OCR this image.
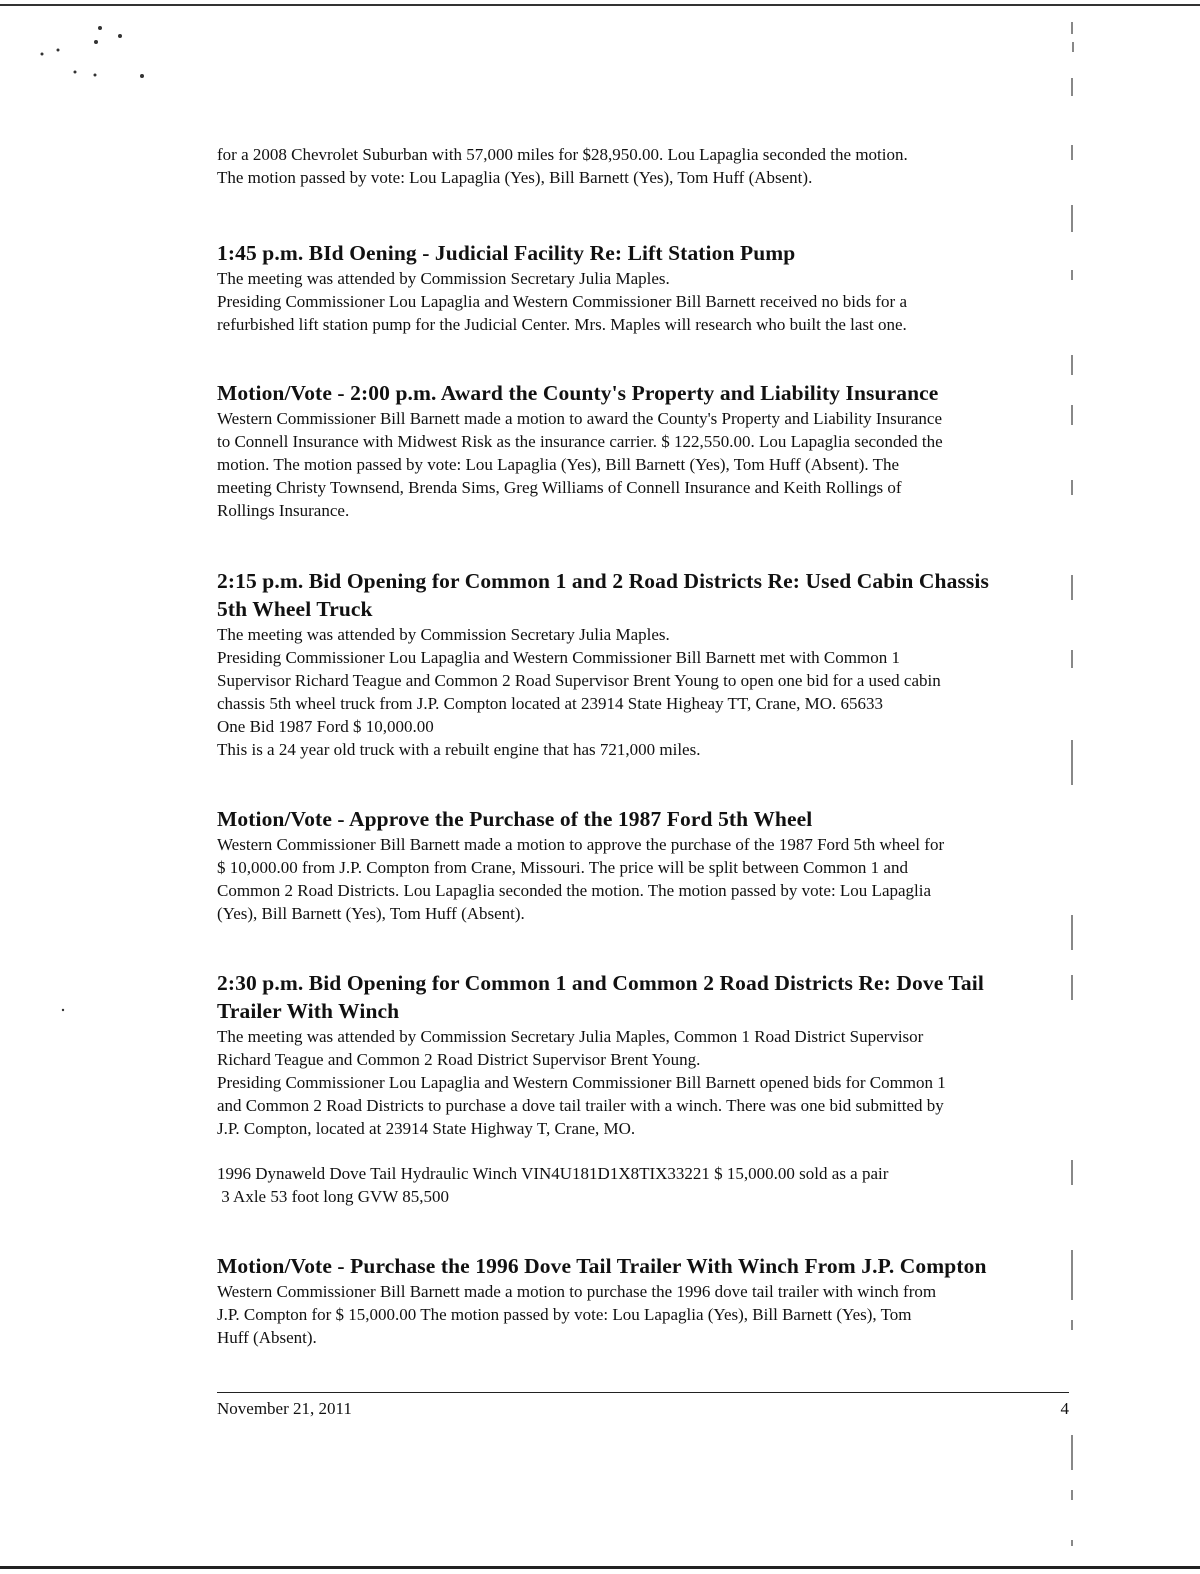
for a 2008 Chevrolet Suburban with 57,000 miles for $28,950.00. Lou Lapaglia seconded the motion.

The motion passed by vote: Lou Lapaglia (Yes), Bill Barnett (Yes), Tom Huff (Absent).

1:45 p.m. BId Oening - Judicial Facility Re: Lift Station Pump

The meeting was attended by Commission Secretary Julia Maples.

Presiding Commissioner Lou Lapaglia and Western Commissioner Bill Barnett received no bids for a

refurbished lift station pump for the Judicial Center. Mrs. Maples will research who built the last one.

Motion/Vote - 2:00 p.m. Award the County's Property and Liability Insurance

Western Commissioner Bill Barnett made a motion to award the County's Property and Liability Insurance

to Connell Insurance with Midwest Risk as the insurance carrier. $ 122,550.00. Lou Lapaglia seconded the

motion. The motion passed by vote: Lou Lapaglia (Yes), Bill Barnett (Yes), Tom Huff (Absent). The

meeting Christy Townsend, Brenda Sims, Greg Williams of Connell Insurance and Keith Rollings of

Rollings Insurance.

2:15 p.m. Bid Opening for Common 1 and 2 Road Districts Re: Used Cabin Chassis
5th Wheel Truck

The meeting was attended by Commission Secretary Julia Maples.

Presiding Commissioner Lou Lapaglia and Western Commissioner Bill Barnett met with Common 1

Supervisor Richard Teague and Common 2 Road Supervisor Brent Young to open one bid for a used cabin

chassis 5th wheel truck from J.P. Compton located at 23914 State Higheay TT, Crane, MO. 65633

One Bid 1987 Ford $ 10,000.00

This is a 24 year old truck with a rebuilt engine that has 721,000 miles.

Motion/Vote - Approve the Purchase of the 1987 Ford 5th Wheel

Western Commissioner Bill Barnett made a motion to approve the purchase of the 1987 Ford 5th wheel for

$ 10,000.00 from J.P. Compton from Crane, Missouri. The price will be split between Common 1 and

Common 2 Road Districts. Lou Lapaglia seconded the motion. The motion passed by vote: Lou Lapaglia

(Yes), Bill Barnett (Yes), Tom Huff (Absent).

2:30 p.m. Bid Opening for Common 1 and Common 2 Road Districts Re: Dove Tail
Trailer With Winch

The meeting was attended by Commission Secretary Julia Maples, Common 1 Road District Supervisor

Richard Teague and Common 2 Road District Supervisor Brent Young.

Presiding Commissioner Lou Lapaglia and Western Commissioner Bill Barnett opened bids for Common 1

and Common 2 Road Districts to purchase a dove tail trailer with a winch. There was one bid submitted by

J.P. Compton, located at 23914 State Highway T, Crane, MO.

1996 Dynaweld Dove Tail Hydraulic Winch VIN4U181D1X8TIX33221 $ 15,000.00 sold as a pair

3 Axle 53 foot long GVW 85,500

Motion/Vote - Purchase the 1996 Dove Tail Trailer With Winch From J.P. Compton

Western Commissioner Bill Barnett made a motion to purchase the 1996 dove tail trailer with winch from

J.P. Compton for $ 15,000.00 The motion passed by vote: Lou Lapaglia (Yes), Bill Barnett (Yes), Tom

Huff (Absent).

November 21, 2011	4
